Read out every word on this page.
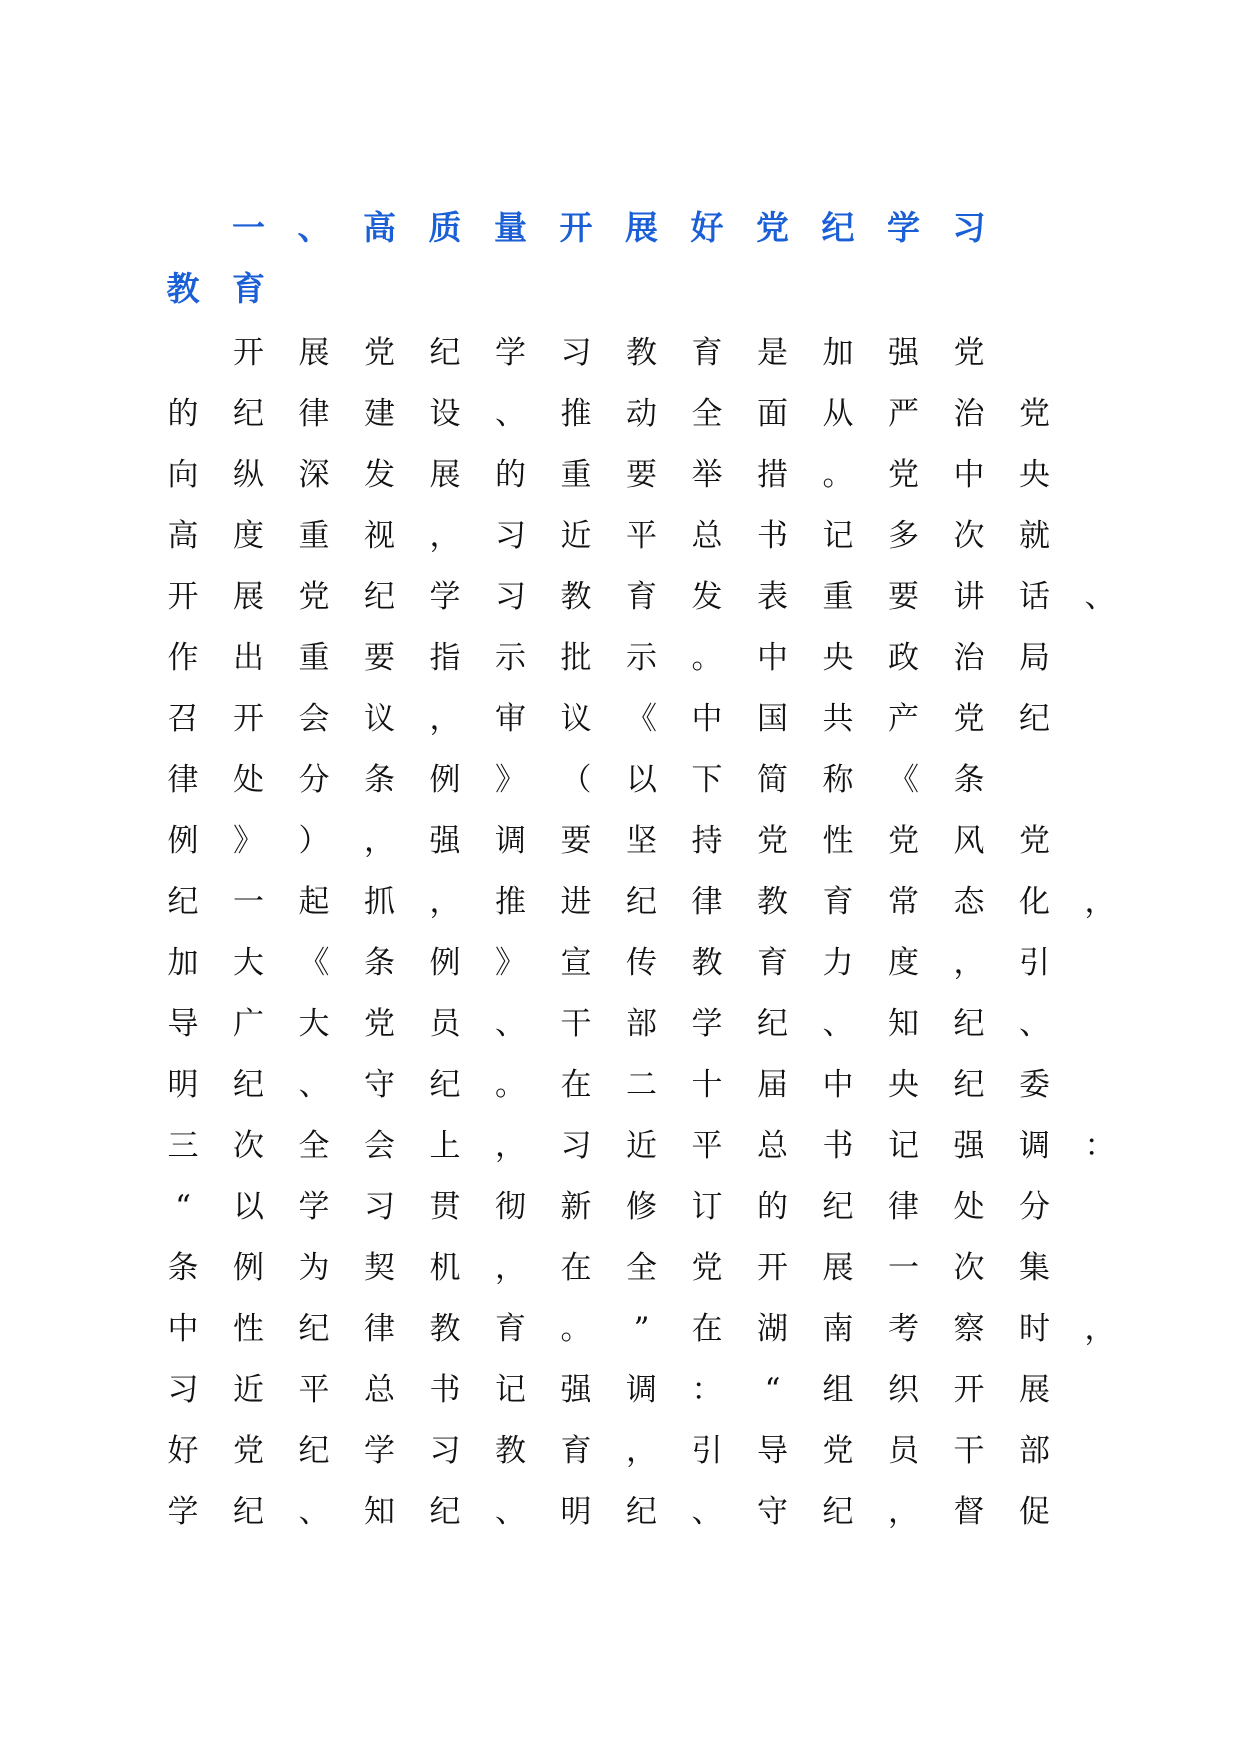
一 、 高 质 量 开 展 好 党 纪 学 习
教 育
开 展 党 纪 学 习 教 育 是 加 强 党
的 纪 律 建 设 、 推 动 全 面 从 严 治 党
向 纵 深 发 展 的 重 要 举 措 。 党 中 央
高 度 重 视 ， 习 近 平 总 书 记 多 次 就
开 展 党 纪 学 习 教 育 发 表 重 要 讲 话 、
作 出 重 要 指 示 批 示 。 中 央 政 治 局
召 开 会 议 ， 审 议 《 中 国 共 产 党 纪
律 处 分 条 例 》 （ 以 下 简 称 《 条
例 》 ） ， 强 调 要 坚 持 党 性 党 风 党
纪 一 起 抓 ， 推 进 纪 律 教 育 常 态 化 ，
加 大 《 条 例 》 宣 传 教 育 力 度 ， 引
导 广 大 党 员 、 干 部 学 纪 、 知 纪 、
明 纪 、 守 纪 。 在 二 十 届 中 央 纪 委
三 次 全 会 上 ， 习 近 平 总 书 记 强 调 ：
“	以 学 习 贯 彻 新 修 订 的 纪 律 处 分
条 例 为 契 机 ， 在 全 党 开 展 一 次 集
中 性 纪 律 教 育 。	”	在 湖 南 考 察 时 ，
习 近 平 总 书 记 强 调 ：	“	组 织 开 展
好 党 纪 学 习 教 育 ， 引 导 党 员 干 部
学 纪 、 知 纪 、 明 纪 、 守 纪 ， 督 促
